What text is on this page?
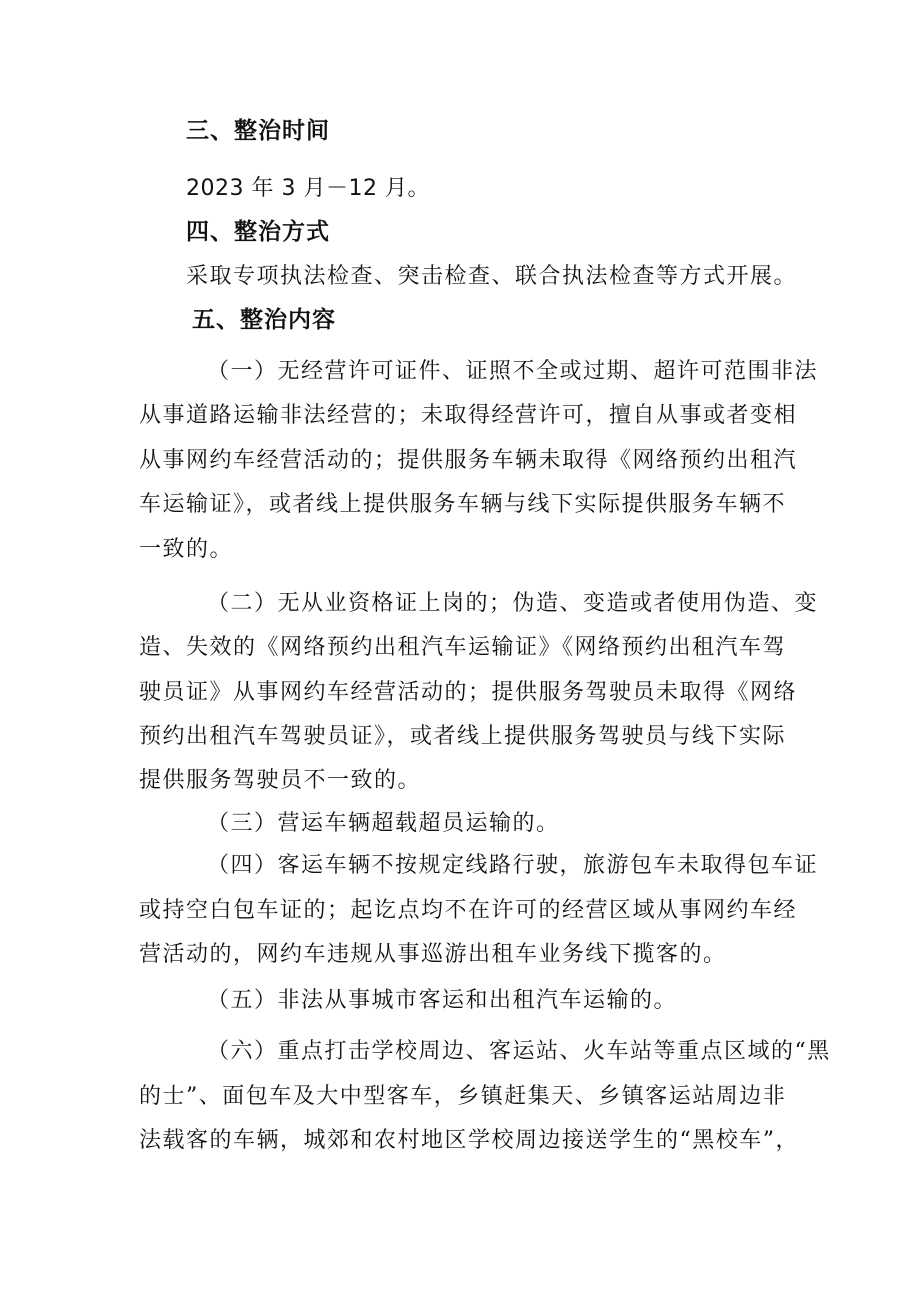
三、整治时间

2023 年 3 月－12 月。

四、整治方式

采取专项执法检查、突击检查、联合执法检查等方式开展。

五、整治内容

（一）无经营许可证件、证照不全或过期、超许可范围非法

从事道路运输非法经营的；未取得经营许可，擅自从事或者变相

从事网约车经营活动的；提供服务车辆未取得《网络预约出租汽

车运输证》，或者线上提供服务车辆与线下实际提供服务车辆不

一致的。

（二）无从业资格证上岗的；伪造、变造或者使用伪造、变

造、失效的《网络预约出租汽车运输证》《网络预约出租汽车驾

驶员证》从事网约车经营活动的；提供服务驾驶员未取得《网络

预约出租汽车驾驶员证》，或者线上提供服务驾驶员与线下实际

提供服务驾驶员不一致的。

（三）营运车辆超载超员运输的。

（四）客运车辆不按规定线路行驶，旅游包车未取得包车证

或持空白包车证的；起讫点均不在许可的经营区域从事网约车经

营活动的，网约车违规从事巡游出租车业务线下揽客的。

（五）非法从事城市客运和出租汽车运输的。

（六）重点打击学校周边、客运站、火车站等重点区域的“黑

的士”、面包车及大中型客车，乡镇赶集天、乡镇客运站周边非

法载客的车辆，城郊和农村地区学校周边接送学生的“黑校车”，
